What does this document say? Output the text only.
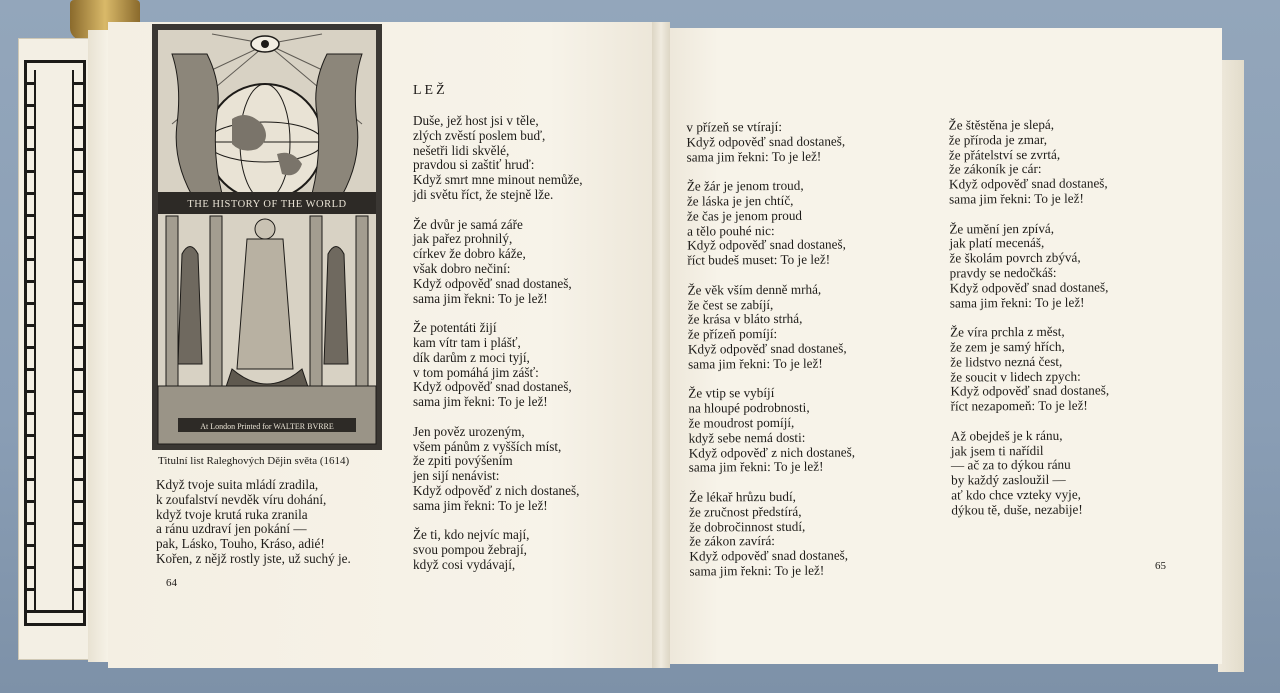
THE HISTORY OF THE WORLD
At London Printed for WALTER BVRRE
Titulní list Raleghových Dějin světa (1614)
Když tvoje suita mládí zradila,
k zoufalství nevděk víru dohání,
když tvoje krutá ruka zranila
a ránu uzdraví jen pokání —
pak, Lásko, Touho, Kráso, adié!
Kořen, z nějž rostly jste, už suchý je.
64
LEŽ
Duše, jež host jsi v těle,
zlých zvěstí poslem buď,
nešetři lidi skvělé,
pravdou si zaštiť hruď:
Když smrt mne minout nemůže,
jdi světu říct, že stejně lže.
Že dvůr je samá záře
jak pařez prohnilý,
církev že dobro káže,
však dobro nečiní:
Když odpověď snad dostaneš,
sama jim řekni: To je lež!
Že potentáti žijí
kam vítr tam i plášť,
dík darům z moci tyjí,
v tom pomáhá jim zášť:
Když odpověď snad dostaneš,
sama jim řekni: To je lež!
Jen pověz urozeným,
všem pánům z vyšších míst,
že zpiti povýšením
jen sijí nenávist:
Když odpověď z nich dostaneš,
sama jim řekni: To je lež!
Že ti, kdo nejvíc mají,
svou pompou žebrají,
když cosi vydávají,
v přízeň se vtírají:
Když odpověď snad dostaneš,
sama jim řekni: To je lež!
Že žár je jenom troud,
že láska je jen chtíč,
že čas je jenom proud
a tělo pouhé nic:
Když odpověď snad dostaneš,
říct budeš muset: To je lež!
Že věk vším denně mrhá,
že čest se zabíjí,
že krása v bláto strhá,
že přízeň pomíjí:
Když odpověď snad dostaneš,
sama jim řekni: To je lež!
Že vtip se vybíjí
na hloupé podrobnosti,
že moudrost pomíjí,
když sebe nemá dosti:
Když odpověď z nich dostaneš,
sama jim řekni: To je lež!
Že lékař hrůzu budí,
že zručnost předstírá,
že dobročinnost studí,
že zákon zavírá:
Když odpověď snad dostaneš,
sama jim řekni: To je lež!
Že štěstěna je slepá,
že příroda je zmar,
že přátelství se zvrtá,
že zákoník je cár:
Když odpověď snad dostaneš,
sama jim řekni: To je lež!
Že umění jen zpívá,
jak platí mecenáš,
že školám povrch zbývá,
pravdy se nedočkáš:
Když odpověď snad dostaneš,
sama jim řekni: To je lež!
Že víra prchla z měst,
že zem je samý hřích,
že lidstvo nezná čest,
že soucit v lidech zpych:
Když odpověď snad dostaneš,
říct nezapomeň: To je lež!
Až obejdeš je k ránu,
jak jsem ti nařídil
— ač za to dýkou ránu
by každý zasloužil —
ať kdo chce vzteky vyje,
dýkou tě, duše, nezabije!
65
